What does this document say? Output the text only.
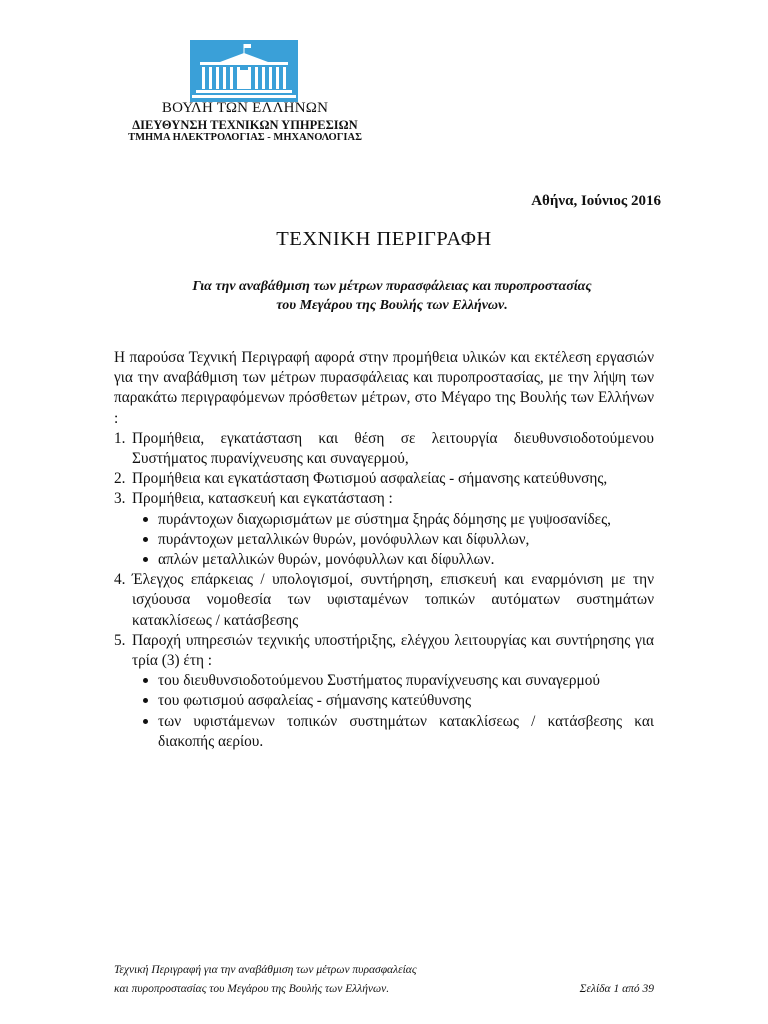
ΒΟΥΛΗ ΤΩΝ ΕΛΛΗΝΩΝ
ΔΙΕΥΘΥΝΣΗ ΤΕΧΝΙΚΩΝ ΥΠΗΡΕΣΙΩΝ
ΤΜΗΜΑ ΗΛΕΚΤΡΟΛΟΓΙΑΣ - ΜΗΧΑΝΟΛΟΓΙΑΣ
Αθήνα, Ιούνιος 2016
ΤΕΧΝΙΚΗ ΠΕΡΙΓΡΑΦΗ
Για την αναβάθμιση των μέτρων πυρασφάλειας και πυροπροστασίας
του Μεγάρου της Βουλής των Ελλήνων.

Η παρούσα Τεχνική Περιγραφή αφορά στην προμήθεια υλικών και εκτέλεση εργασιών για την αναβάθμιση των μέτρων πυρασφάλειας και πυροπροστασίας, με την λήψη των παρακάτω περιγραφόμενων πρόσθετων μέτρων, στο Μέγαρο της Βουλής των Ελλήνων :

1. Προμήθεια, εγκατάσταση και θέση σε λειτουργία διευθυνσιοδοτούμενου Συστήματος πυρανίχνευσης και συναγερμού,
2. Προμήθεια και εγκατάσταση Φωτισμού ασφαλείας - σήμανσης κατεύθυνσης,
3. Προμήθεια, κατασκευή και εγκατάσταση :
πυράντοχων διαχωρισμάτων με σύστημα ξηράς δόμησης με γυψοσανίδες,
πυράντοχων μεταλλικών θυρών, μονόφυλλων και δίφυλλων,
απλών μεταλλικών θυρών, μονόφυλλων και δίφυλλων.
4. Έλεγχος επάρκειας / υπολογισμοί, συντήρηση, επισκευή και εναρμόνιση με την ισχύουσα νομοθεσία των υφισταμένων τοπικών αυτόματων συστημάτων κατακλίσεως / κατάσβεσης
5. Παροχή υπηρεσιών τεχνικής υποστήριξης, ελέγχου λειτουργίας και συντήρησης για τρία (3) έτη :
του διευθυνσιοδοτούμενου Συστήματος πυρανίχνευσης και συναγερμού
του φωτισμού ασφαλείας - σήμανσης κατεύθυνσης
των υφιστάμενων τοπικών συστημάτων κατακλίσεως / κατάσβεσης και διακοπής αερίου.
Τεχνική Περιγραφή για την αναβάθμιση των μέτρων πυρασφαλείας
και πυροπροστασίας του Μεγάρου της Βουλής των Ελλήνων.	Σελίδα 1 από 39
